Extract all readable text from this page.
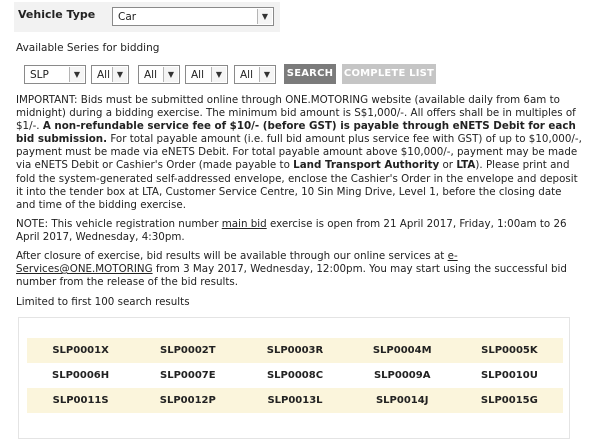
Vehicle Type Car	▼
Available Series for bidding
SLP	▼	All ▼	All	▼	All	▼	All	▼	SEARCH COMPLETE LIST

IMPORTANT: Bids must be submitted online through ONE.MOTORING website (available daily from 6am to midnight) during a bidding exercise. The minimum bid amount is S$1,000/-. All offers shall be in multiples of $1/-. A non-refundable service fee of $10/- (before GST) is payable through eNETS Debit for each bid submission. For total payable amount (i.e. full bid amount plus service fee with GST) of up to $10,000/-, payment must be made via eNETS Debit. For total payable amount above $10,000/-, payment may be made via eNETS Debit or Cashier's Order (made payable to Land Transport Authority or LTA). Please print and fold the system-generated self-addressed envelope, enclose the Cashier's Order in the envelope and deposit it into the tender box at LTA, Customer Service Centre, 10 Sin Ming Drive, Level 1, before the closing date and time of the bidding exercise.

NOTE: This vehicle registration number main bid exercise is open from 21 April 2017, Friday, 1:00am to 26 April 2017, Wednesday, 4:30pm.

After closure of exercise, bid results will be available through our online services at e-Services@ONE.MOTORING from 3 May 2017, Wednesday, 12:00pm. You may start using the successful bid number from the release of the bid results.

Limited to first 100 search results
SLP0001X	SLP0002T	SLP0003R	SLP0004M	SLP0005K
SLP0006H	SLP0007E	SLP0008C	SLP0009A	SLP0010U
SLP0011S	SLP0012P	SLP0013L	SLP0014J	SLP0015G
